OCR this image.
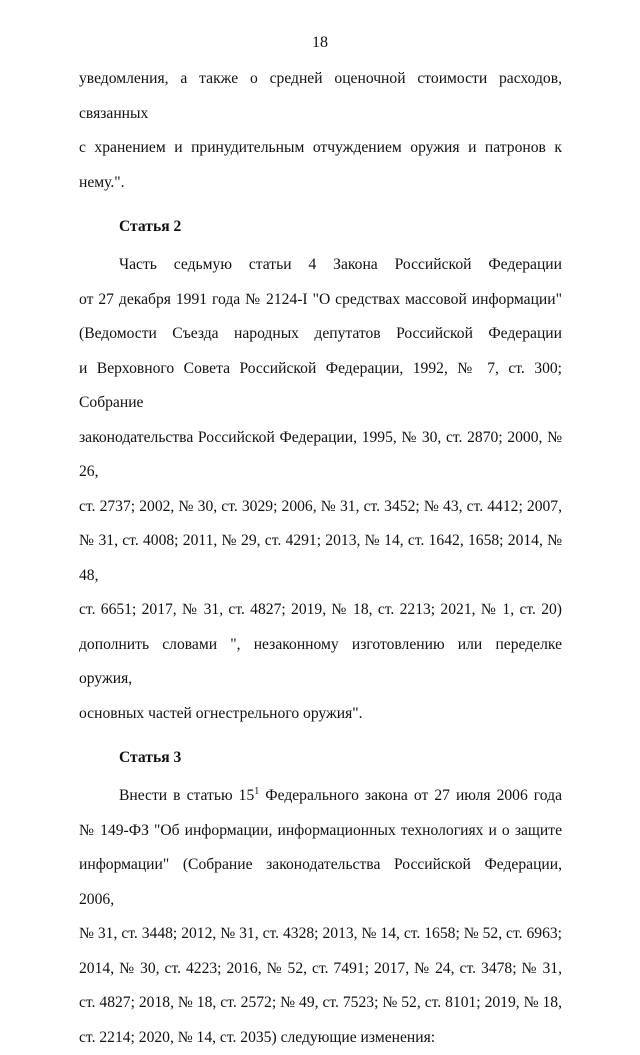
18

уведомления, а также о средней оценочной стоимости расходов, связанных
с хранением и принудительным отчуждением оружия и патронов к нему.".

Статья 2

Часть седьмую статьи 4 Закона Российской Федерации
от 27 декабря 1991 года № 2124-I "О средствах массовой информации"
(Ведомости Съезда народных депутатов Российской Федерации
и Верховного Совета Российской Федерации, 1992, № 7, ст. 300; Собрание
законодательства Российской Федерации, 1995, № 30, ст. 2870; 2000, № 26,
ст. 2737; 2002, № 30, ст. 3029; 2006, № 31, ст. 3452; № 43, ст. 4412; 2007,
№ 31, ст. 4008; 2011, № 29, ст. 4291; 2013, № 14, ст. 1642, 1658; 2014, № 48,
ст. 6651; 2017, № 31, ст. 4827; 2019, № 18, ст. 2213; 2021, № 1, ст. 20)
дополнить словами ", незаконному изготовлению или переделке оружия,
основных частей огнестрельного оружия".

Статья 3

Внести в статью $15^1$ Федерального закона от 27 июля 2006 года
№ 149-ФЗ "Об информации, информационных технологиях и о защите
информации" (Собрание законодательства Российской Федерации, 2006,
№ 31, ст. 3448; 2012, № 31, ст. 4328; 2013, № 14, ст. 1658; № 52, ст. 6963;
2014, № 30, ст. 4223; 2016, № 52, ст. 7491; 2017, № 24, ст. 3478; № 31,
ст. 4827; 2018, № 18, ст. 2572; № 49, ст. 7523; № 52, ст. 8101; 2019, № 18,
ст. 2214; 2020, № 14, ст. 2035) следующие изменения:
